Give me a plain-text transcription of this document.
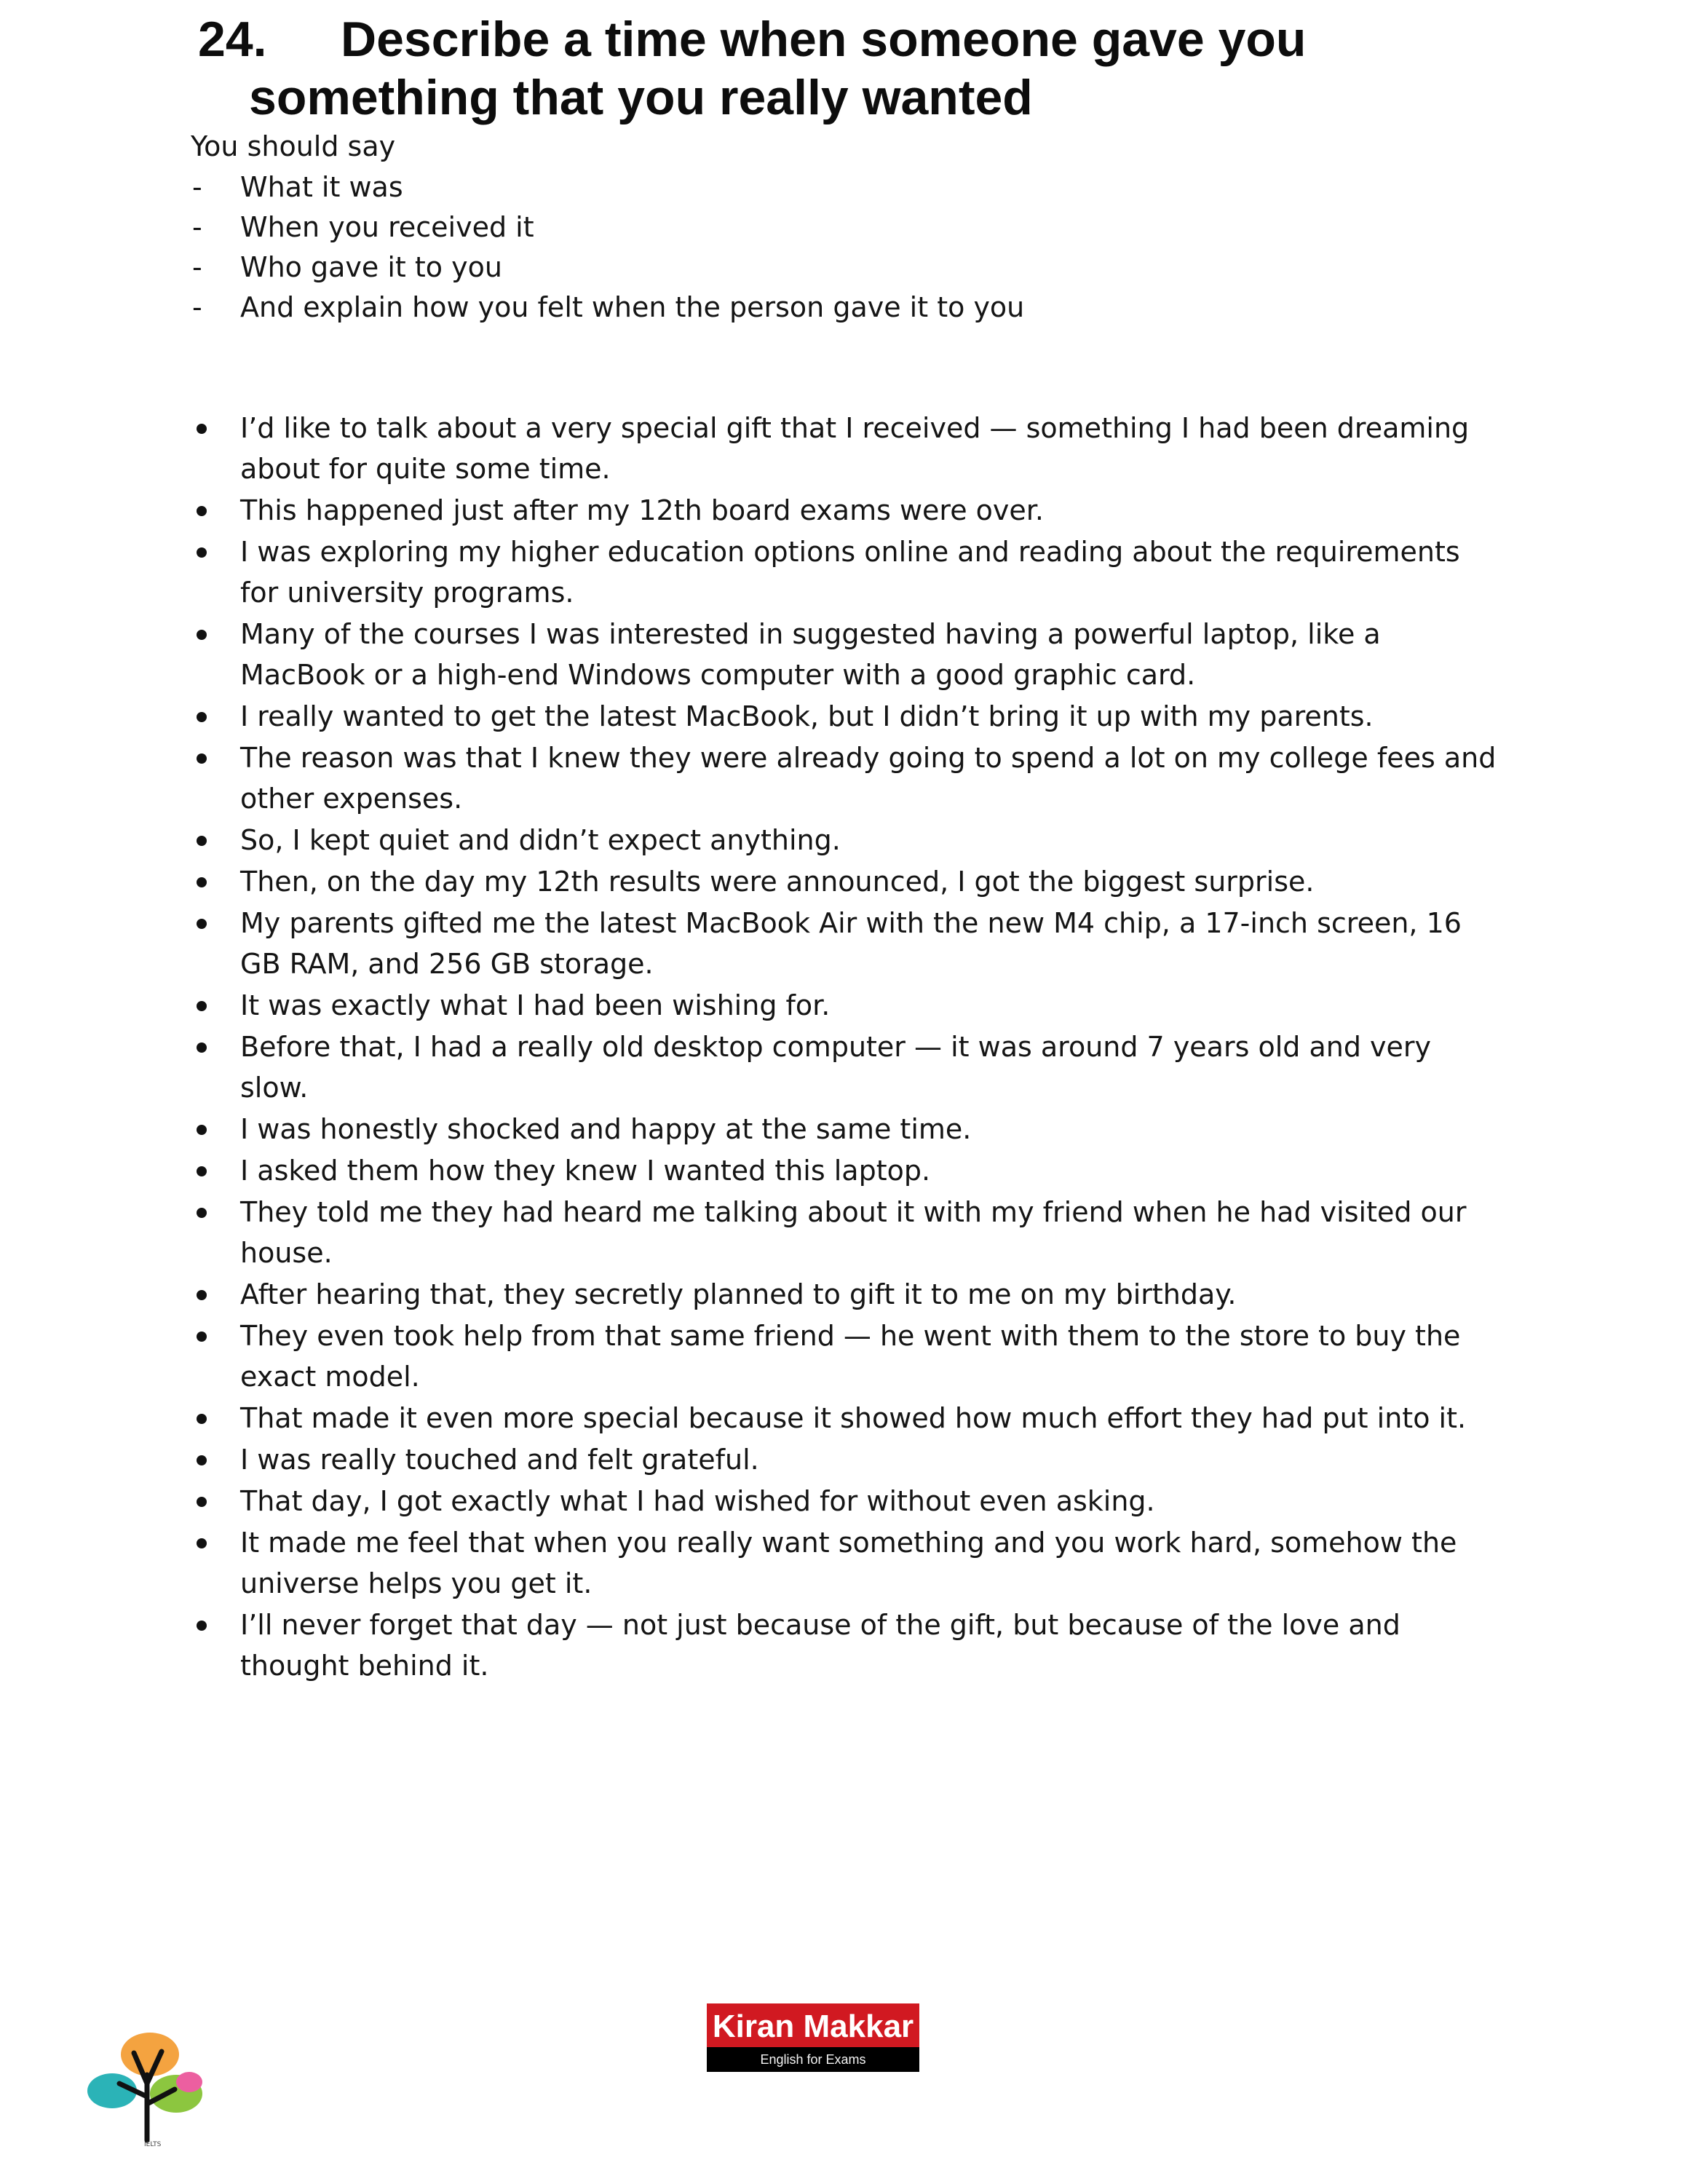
24. Describe a time when someone gave you
something that you really wanted
You should say
- What it was
- When you received it
- Who gave it to you
- And explain how you felt when the person gave it to you
I’d like to talk about a very special gift that I received — something I had been dreaming about for quite some time.
This happened just after my 12th board exams were over.
I was exploring my higher education options online and reading about the requirements for university programs.
Many of the courses I was interested in suggested having a powerful laptop, like a MacBook or a high-end Windows computer with a good graphic card.
I really wanted to get the latest MacBook, but I didn’t bring it up with my parents.
The reason was that I knew they were already going to spend a lot on my college fees and other expenses.
So, I kept quiet and didn’t expect anything.
Then, on the day my 12th results were announced, I got the biggest surprise.
My parents gifted me the latest MacBook Air with the new M4 chip, a 17-inch screen, 16 GB RAM, and 256 GB storage.
It was exactly what I had been wishing for.
Before that, I had a really old desktop computer — it was around 7 years old and very slow.
I was honestly shocked and happy at the same time.
I asked them how they knew I wanted this laptop.
They told me they had heard me talking about it with my friend when he had visited our house.
After hearing that, they secretly planned to gift it to me on my birthday.
They even took help from that same friend — he went with them to the store to buy the exact model.
That made it even more special because it showed how much effort they had put into it.
I was really touched and felt grateful.
That day, I got exactly what I had wished for without even asking.
It made me feel that when you really want something and you work hard, somehow the universe helps you get it.
I’ll never forget that day — not just because of the gift, but because of the love and thought behind it.
IELTS
Kiran Makkar
English for Exams
